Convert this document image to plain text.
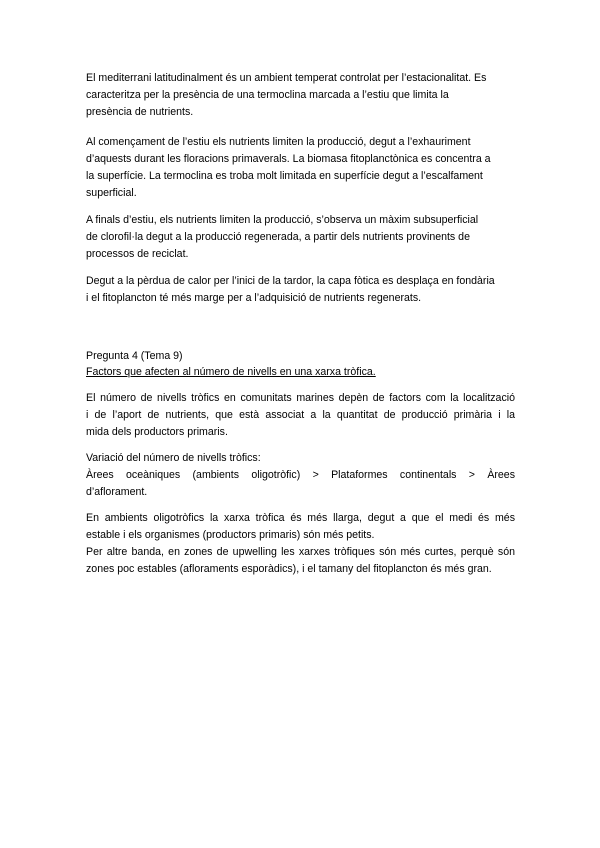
El mediterrani latitudinalment és un ambient temperat controlat per l’estacionalitat. Es
caracteritza per la presència de una termoclina marcada a l’estiu que limita la
presència de nutrients.

Al començament de l’estiu els nutrients limiten la producció, degut a l’exhauriment
d’aquests durant les floracions primaverals. La biomasa fitoplanctònica es concentra a
la superfície. La termoclina es troba molt limitada en superfície degut a l’escalfament
superficial.

A finals d’estiu, els nutrients limiten la producció, s’observa un màxim subsuperficial
de clorofil·la degut a la producció regenerada, a partir dels nutrients provinents de
processos de reciclat.

Degut a la pèrdua de calor per l’inici de la tardor, la capa fòtica es desplaça en fondària
i el fitoplancton té més marge per a l’adquisició de nutrients regenerats.

Pregunta 4 (Tema 9)

Factors que afecten al número de nivells en una xarxa tròfica.

El número de nivells tròfics en comunitats marines depèn de factors com la localització
i de l’aport de nutrients, que està associat a la quantitat de producció primària i la
mida dels productors primaris.

Variació del número de nivells tròfics:
Àrees oceàniques (ambients oligotròfic) > Plataformes continentals > Àrees
d’aflorament.

En ambients oligotròfics la xarxa tròfica és més llarga, degut a que el medi és més
estable i els organismes (productors primaris) són més petits.
Per altre banda, en zones de upwelling les xarxes tròfiques són més curtes, perquè són
zones poc estables (afloraments esporàdics), i el tamany del fitoplancton és més gran.
